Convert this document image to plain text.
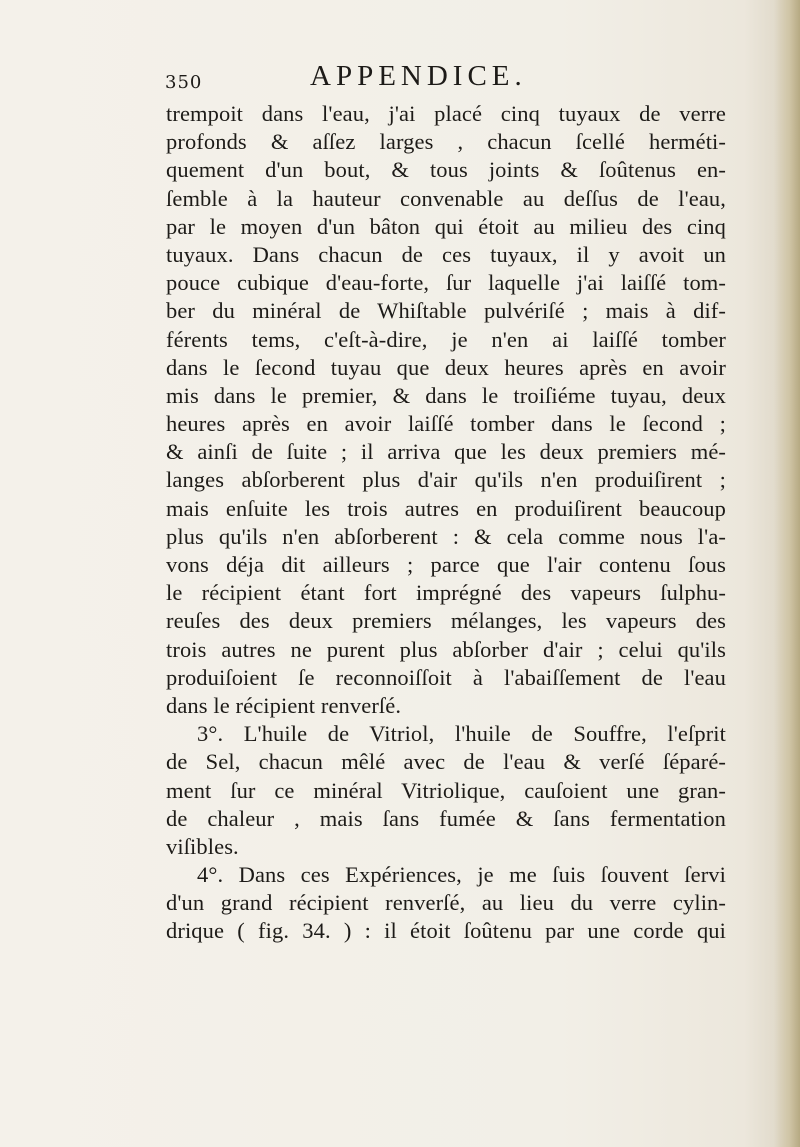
350	APPENDICE.
trempoit dans l'eau, j'ai placé cinq tuyaux de verre
profonds & aſſez larges , chacun ſcellé herméti-
quement d'un bout, & tous joints & ſoûtenus en-
ſemble à la hauteur convenable au deſſus de l'eau,
par le moyen d'un bâton qui étoit au milieu des cinq
tuyaux. Dans chacun de ces tuyaux, il y avoit un
pouce cubique d'eau-forte, ſur laquelle j'ai laiſſé tom-
ber du minéral de Whiſtable pulvériſé ; mais à dif-
férents tems, c'eſt-à-dire, je n'en ai laiſſé tomber
dans le ſecond tuyau que deux heures après en avoir
mis dans le premier, & dans le troiſiéme tuyau, deux
heures après en avoir laiſſé tomber dans le ſecond ;
& ainſi de ſuite ; il arriva que les deux premiers mé-
langes abſorberent plus d'air qu'ils n'en produiſirent ;
mais enſuite les trois autres en produiſirent beaucoup
plus qu'ils n'en abſorberent : & cela comme nous l'a-
vons déja dit ailleurs ; parce que l'air contenu ſous
le récipient étant fort imprégné des vapeurs ſulphu-
reuſes des deux premiers mélanges, les vapeurs des
trois autres ne purent plus abſorber d'air ; celui qu'ils
produiſoient ſe reconnoiſſoit à l'abaiſſement de l'eau
dans le récipient renverſé.
3°. L'huile de Vitriol, l'huile de Souffre, l'eſprit
de Sel, chacun mêlé avec de l'eau & verſé ſéparé-
ment ſur ce minéral Vitriolique, cauſoient une gran-
de chaleur , mais ſans fumée & ſans fermentation
viſibles.
4°. Dans ces Expériences, je me ſuis ſouvent ſervi
d'un grand récipient renverſé, au lieu du verre cylin-
drique ( fig. 34. ) : il étoit ſoûtenu par une corde qui
